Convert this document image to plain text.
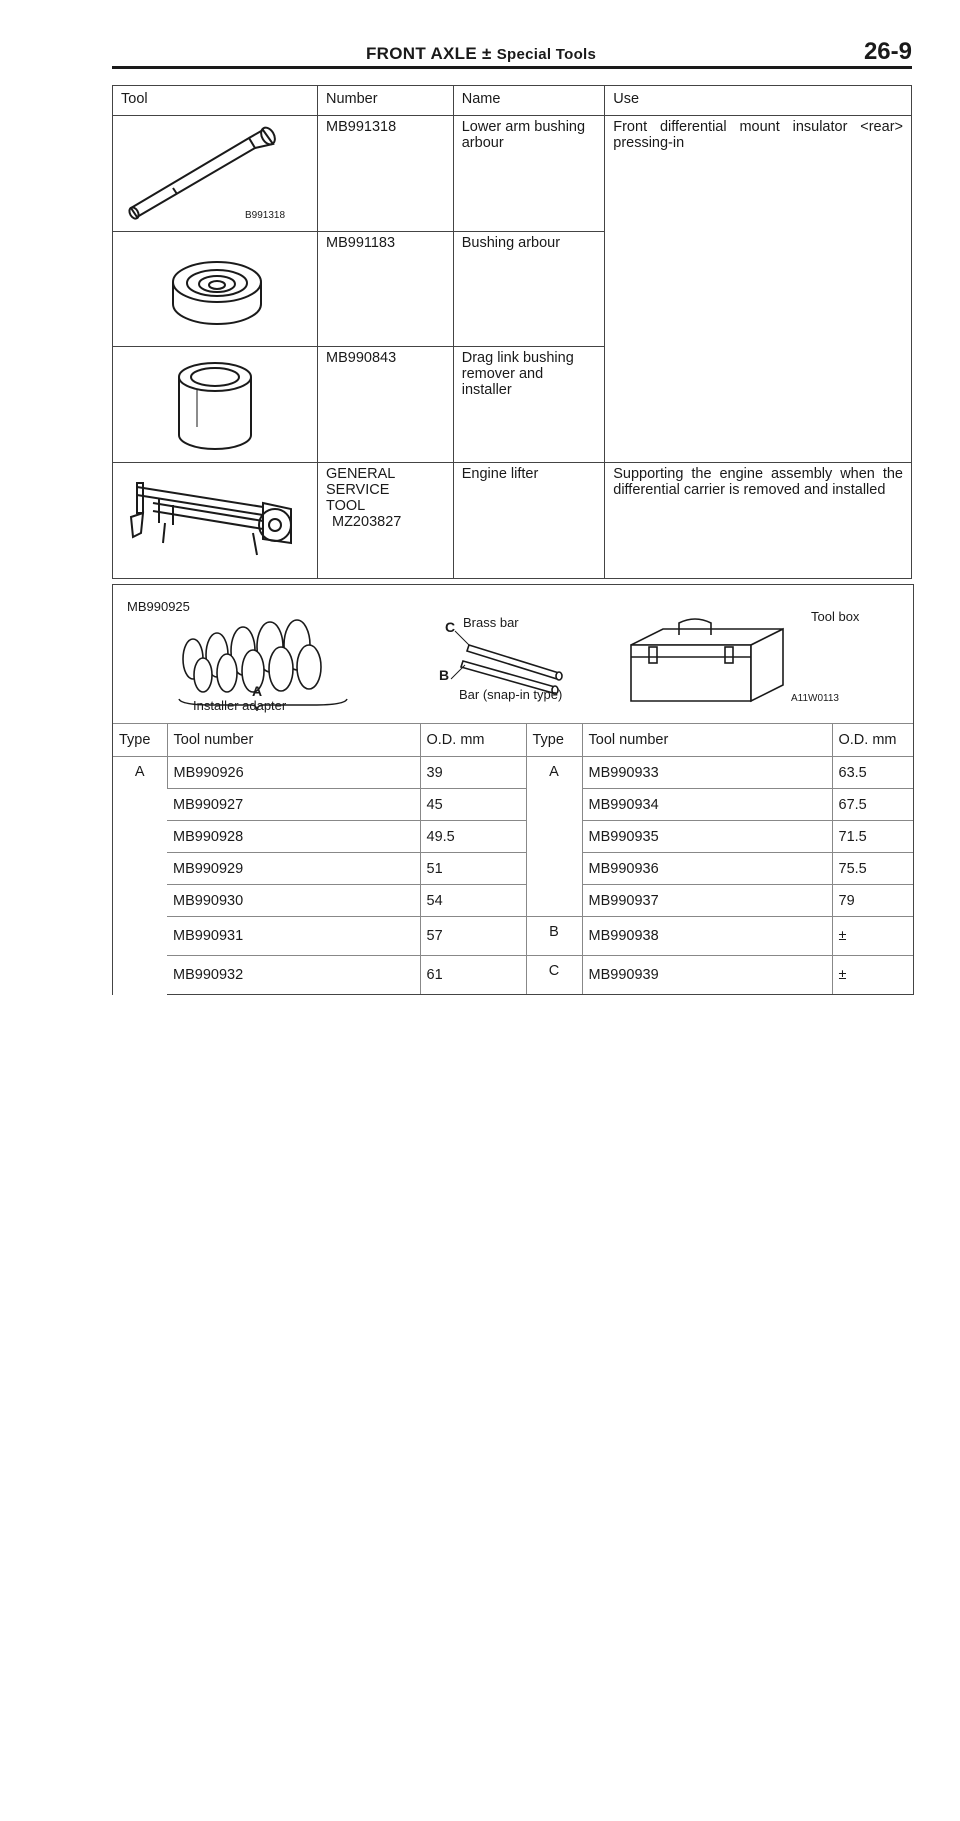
FRONT AXLE ± Special Tools	26-9
Tool	Number	Name	Use

B991318	MB991318	Lower arm bushing arbour	Front differential mount insulator <rear> pressing-in
	MB991183	Bushing arbour	
	MB990843	Drag link bushing remover and installer	

GENERAL
SERVICE
TOOL
MZ203827	Engine lifter	Supporting the engine assembly when the differential carrier is removed and installed
MB990925
A
Installer adapter
C Brass bar
B
Bar (snap-in type)
Tool box
A11W0113
Type	Tool number	O.D. mm	Type	Tool number	O.D. mm
A	MB990926	39	A	MB990933	63.5
	MB990927	45		MB990934	67.5
	MB990928	49.5		MB990935	71.5
	MB990929	51		MB990936	75.5
	MB990930	54		MB990937	79
	MB990931	57	B	MB990938	±
	MB990932	61	C	MB990939	±
